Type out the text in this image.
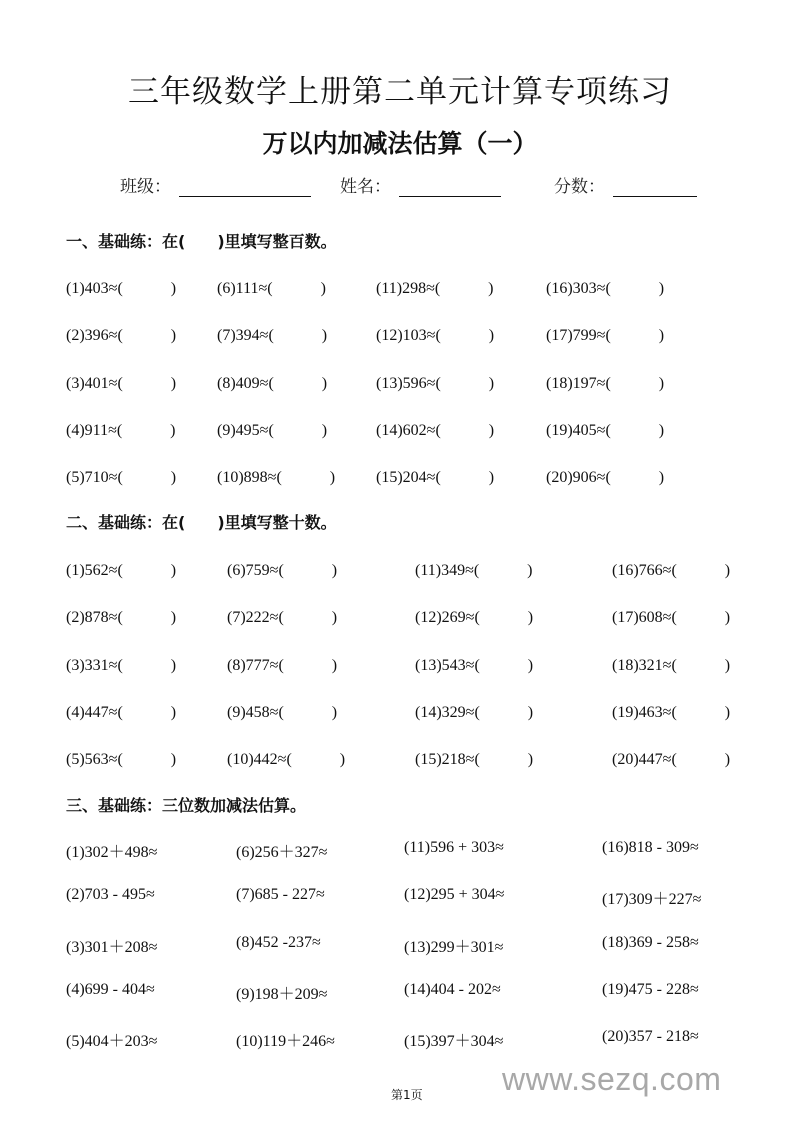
三年级数学上册第二单元计算专项练习
万以内加减法估算（一）
班级：	姓名：	分数：
一、基础练：在(　　)里填写整百数。
(1)403≈(　　　)
(2)396≈(　　　)
(3)401≈(　　　)
(4)911≈(　　　)
(5)710≈(　　　)
(6)111≈(　　　)
(7)394≈(　　　)
(8)409≈(　　　)
(9)495≈(　　　)
(10)898≈(　　　)
(11)298≈(　　　)
(12)103≈(　　　)
(13)596≈(　　　)
(14)602≈(　　　)
(15)204≈(　　　)
(16)303≈(　　　)
(17)799≈(　　　)
(18)197≈(　　　)
(19)405≈(　　　)
(20)906≈(　　　)
二、基础练：在(　　)里填写整十数。
(1)562≈(　　　)
(2)878≈(　　　)
(3)331≈(　　　)
(4)447≈(　　　)
(5)563≈(　　　)
(6)759≈(　　　)
(7)222≈(　　　)
(8)777≈(　　　)
(9)458≈(　　　)
(10)442≈(　　　)
(11)349≈(　　　)
(12)269≈(　　　)
(13)543≈(　　　)
(14)329≈(　　　)
(15)218≈(　　　)
(16)766≈(　　　)
(17)608≈(　　　)
(18)321≈(　　　)
(19)463≈(　　　)
(20)447≈(　　　)
三、基础练：三位数加减法估算。
(1)302＋498≈
(2)703 - 495≈
(3)301＋208≈
(4)699 - 404≈
(5)404＋203≈
(6)256＋327≈
(7)685 - 227≈
(8)452 -237≈
(9)198＋209≈
(10)119＋246≈
(11)596 + 303≈
(12)295 + 304≈
(13)299＋301≈
(14)404 - 202≈
(15)397＋304≈
(16)818 - 309≈
(17)309＋227≈
(18)369 - 258≈
(19)475 - 228≈
(20)357 - 218≈
第1页 www.sezq.com
